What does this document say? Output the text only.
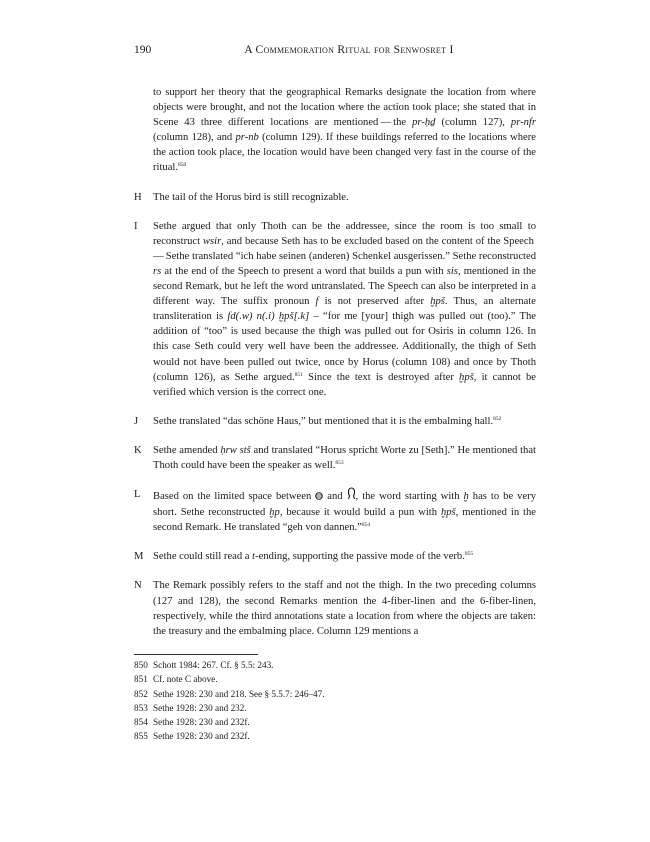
190	A Commemoration Ritual for Senwosret I

to support her theory that the geographical Remarks designate the location from where objects were brought, and not the location where the action took place; she stated that in Scene 43 three different locations are mentioned — the pr-ḥḏ (column 127), pr-nfr (column 128), and pr-nb (column 129). If these buildings referred to the locations where the action took place, the location would have been changed very fast in the course of the ritual.$^{850}$

H	The tail of the Horus bird is still recognizable.
I	Sethe argued that only Thoth can be the addressee, since the room is too small to reconstruct wsir, and because Seth has to be excluded based on the content of the Speech — Sethe translated “ich habe seinen (anderen) Schenkel ausgerissen.” Sethe reconstructed rs at the end of the Speech to present a word that builds a pun with sis, mentioned in the second Remark, but he left the word untranslated. The Speech can also be interpreted in a different way. The suffix pronoun f is not preserved after ḫpš. Thus, an alternate transliteration is fd(.w) n(.i) ḫpš[.k] – “for me [your] thigh was pulled out (too).” The addition of “too” is used because the thigh was pulled out for Osiris in column 126. In this case Seth could very well have been the addressee. Additionally, the thigh of Seth would not have been pulled out twice, once by Horus (column 108) and once by Thoth (column 126), as Sethe argued.$^{851}$ Since the text is destroyed after ḫpš, it cannot be verified which version is the correct one.
J	Sethe translated “das schöne Haus,” but mentioned that it is the embalming hall.$^{852}$
K	Sethe amended ḥrw stš and translated “Horus spricht Worte zu [Seth].” He mentioned that Thoth could have been the speaker as well.$^{853}$
L	Based on the limited space between  and , the word starting with ḫ has to be very short. Sethe reconstructed ḫp, because it would build a pun with ḫpš, mentioned in the second Remark. He translated “geh von dannen.”$^{854}$
M Sethe could still read a t-ending, supporting the passive mode of the verb.$^{855}$
N	The Remark possibly refers to the staff and not the thigh. In the two preceding columns (127 and 128), the second Remarks mention the 4-fiber-linen and the 6-fiber-linen, respectively, while the third annotations state a location from where the objects are taken: the treasury and the embalming place. Column 129 mentions a
850 Schott 1984: 267. Cf. § 5.5: 243.
851 Cf. note C above.
852 Sethe 1928: 230 and 218. See § 5.5.7: 246–47.
853 Sethe 1928: 230 and 232.
854 Sethe 1928: 230 and 232f.
855 Sethe 1928: 230 and 232f.
